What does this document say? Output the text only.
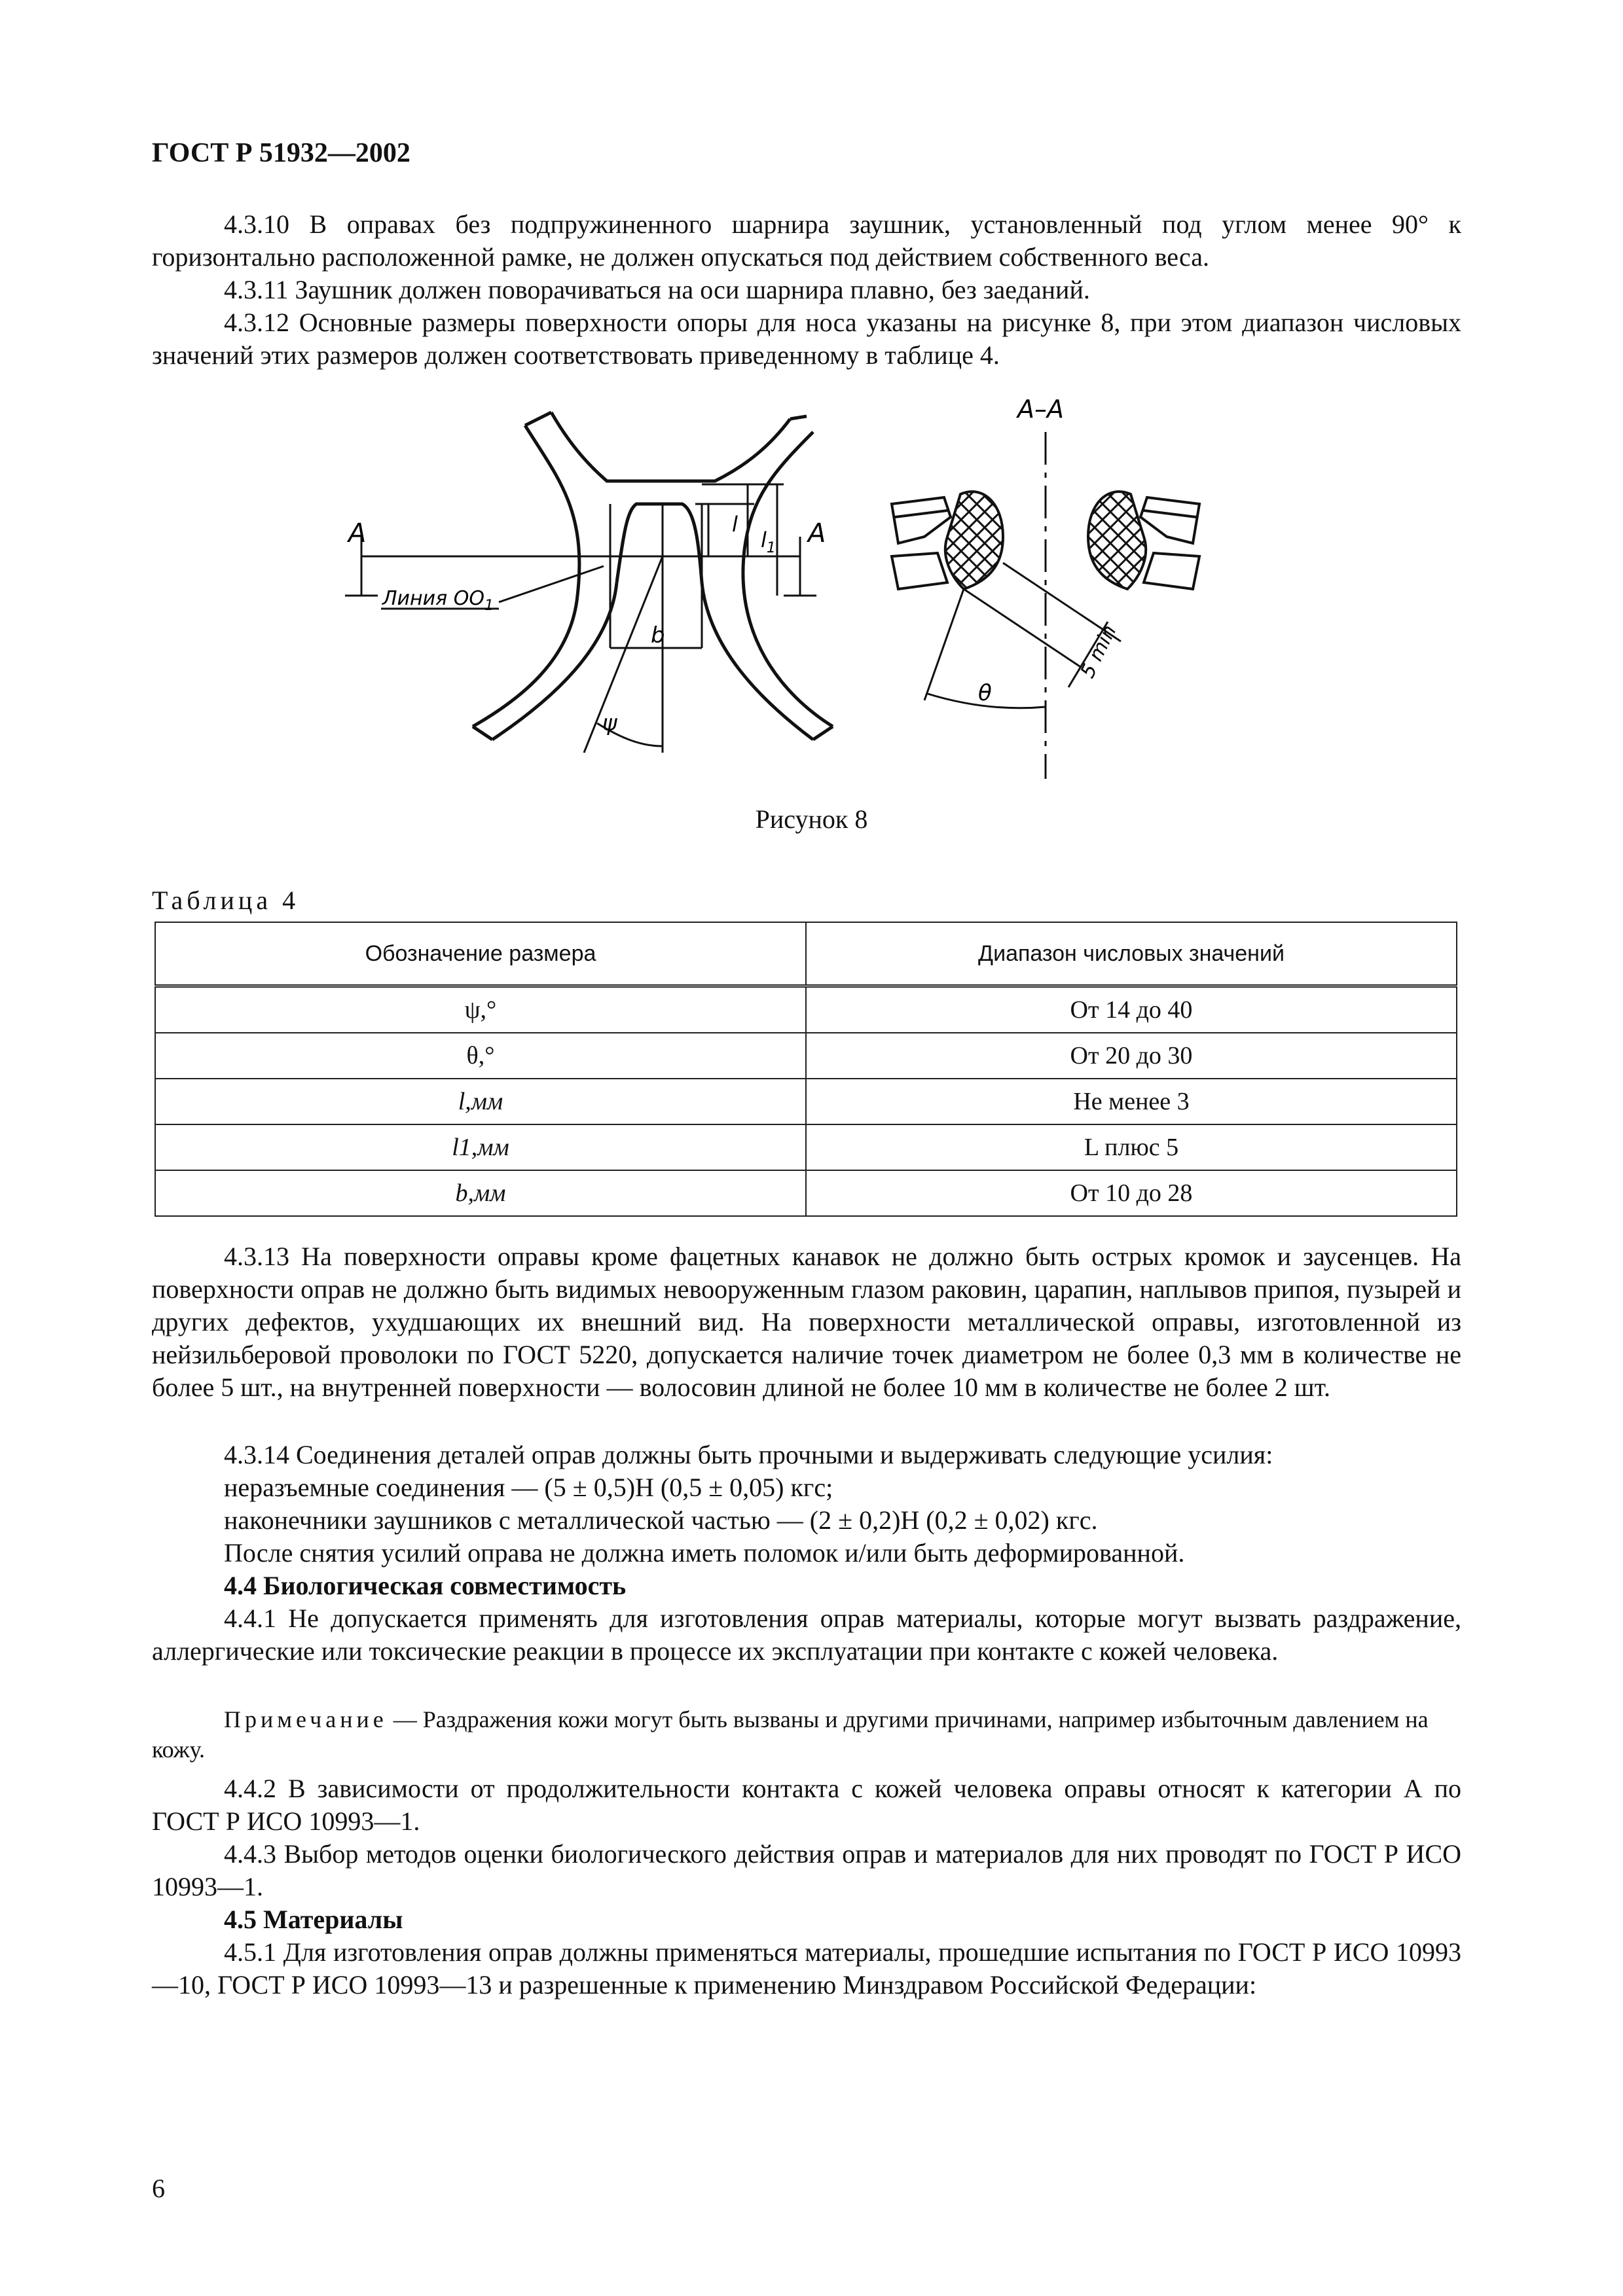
ГОСТ Р 51932—2002
4.3.10 В оправах без подпружиненного шарнира заушник, установленный под углом менее 90° к горизонтально расположенной рамке, не должен опускаться под действием собственного веса.
4.3.11 Заушник должен поворачиваться на оси шарнира плавно, без заеданий.
4.3.12 Основные размеры поверхности опоры для носа указаны на рисунке 8, при этом диапазон числовых значений этих размеров должен соответствовать приведенному в таблице 4.
A	A
Линия $OO_1$
l
$l_1$
b
ψ
A–A
5 min
θ
Рисунок 8
Таблица 4
Обозначение размера	Диапазон числовых значений
ψ,°	От 14 до 40
θ,°	От 20 до 30
l,мм	Не менее 3
l1,мм	L плюс 5
b,мм	От 10 до 28
4.3.13 На поверхности оправы кроме фацетных канавок не должно быть острых кромок и заусенцев. На поверхности оправ не должно быть видимых невооруженным глазом раковин, царапин, наплывов припоя, пузырей и других дефектов, ухудшающих их внешний вид. На поверхности металлической оправы, изготовленной из нейзильберовой проволоки по ГОСТ 5220, допускается наличие точек диаметром не более 0,3 мм в количестве не более 5 шт., на внутренней поверхности — волосовин длиной не более 10 мм в количестве не более 2 шт.
4.3.14 Соединения деталей оправ должны быть прочными и выдерживать следующие усилия:
неразъемные соединения — (5 ± 0,5)Н (0,5 ± 0,05) кгс;
наконечники заушников с металлической частью — (2 ± 0,2)Н (0,2 ± 0,02) кгс.
После снятия усилий оправа не должна иметь поломок и/или быть деформированной.
4.4 Биологическая совместимость
4.4.1 Не допускается применять для изготовления оправ материалы, которые могут вызвать раздражение, аллергические или токсические реакции в процессе их эксплуатации при контакте с кожей человека.
Примечание — Раздражения кожи могут быть вызваны и другими причинами, например избыточным давлением на кожу.
4.4.2 В зависимости от продолжительности контакта с кожей человека оправы относят к категории А по ГОСТ Р ИСО 10993—1.
4.4.3 Выбор методов оценки биологического действия оправ и материалов для них проводят по ГОСТ Р ИСО 10993—1.
4.5 Материалы
4.5.1 Для изготовления оправ должны применяться материалы, прошедшие испытания по ГОСТ Р ИСО 10993—10, ГОСТ Р ИСО 10993—13 и разрешенные к применению Минздравом Российской Федерации:
6
